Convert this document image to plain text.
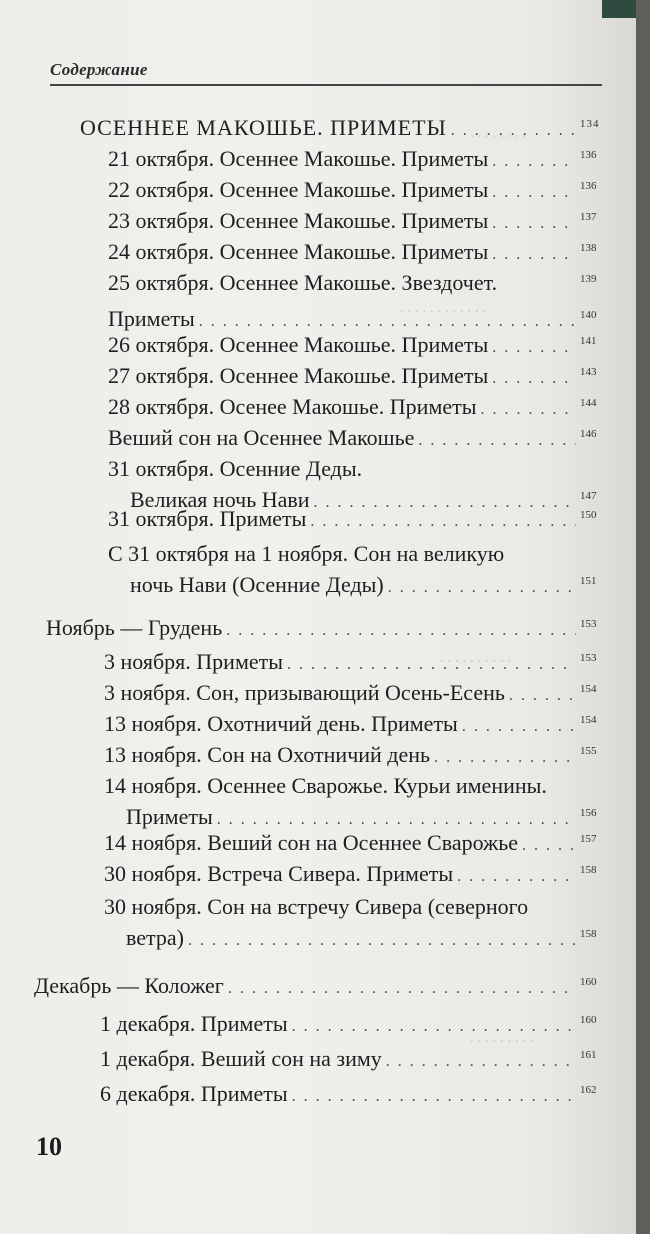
Содержание
. . . . . . . .
. . . . . . . . . . . .
. . . . . . . . . .
. . . . . . . . .
ОСЕННЕЕ МАКОШЬЕ. ПРИМЕТЫ . . .	134
21 октября. Осеннее Макошье. Приметы . . .	136
22 октября. Осеннее Макошье. Приметы . . .	136
23 октября. Осеннее Макошье. Приметы . . .	137
24 октября. Осеннее Макошье. Приметы . . .	138
25 октября. Осеннее Макошье. Звездочет.	139
Приметы . . .	140
26 октября. Осеннее Макошье. Приметы . . .	141
27 октября. Осеннее Макошье. Приметы . . .	143
28 октября. Осенее Макошье. Приметы . . .	144
Веший сон на Осеннее Макошье . . .	146
31 октября. Осенние Деды.
Великая ночь Нави . . .	147
31 октября. Приметы . . .	150
С 31 октября на 1 ноября. Сон на великую
ночь Нави (Осенние Деды) . . .	151
Ноябрь — Грудень . . .	153
3 ноября. Приметы . . .	153
3 ноября. Сон, призывающий Осень-Есень . . .	154
13 ноября. Охотничий день. Приметы . . .	154
13 ноября. Сон на Охотничий день . . .	155
14 ноября. Осеннее Сварожье. Курьи именины.
Приметы . . .	156
14 ноября. Веший сон на Осеннее Сварожье . . .	157
30 ноября. Встреча Сивера. Приметы . . .	158
30 ноября. Сон на встречу Сивера (северного
ветра) . . .	158
Декабрь — Коложег . . .	160
1 декабря. Приметы . . .	160
1 декабря. Веший сон на зиму . . .	161
6 декабря. Приметы . . .	162
10
